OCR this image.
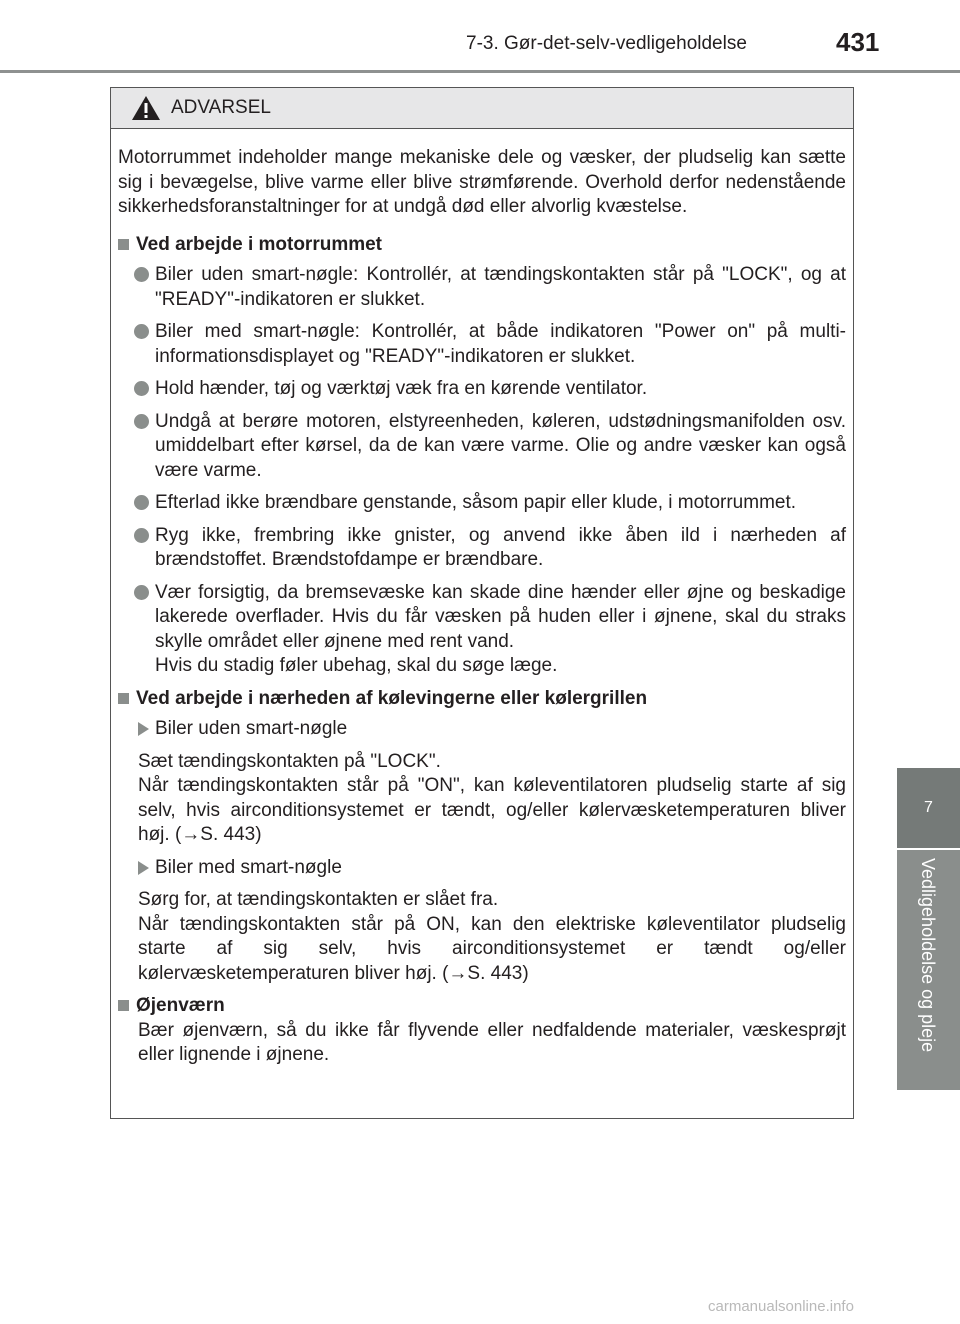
7-3. Gør-det-selv-vedligeholdelse	431
7
Vedligeholdelse og pleje
ADVARSEL

Motorrummet indeholder mange mekaniske dele og væsker, der pludselig kan sætte sig i bevægelse, blive varme eller blive strømførende. Overhold derfor nedenstående sikkerhedsforanstaltninger for at undgå død eller alvorlig kvæstelse.

Ved arbejde i motorrummet

Biler uden smart-nøgle: Kontrollér, at tændingskontakten står på "LOCK", og at "READY"-indikatoren er slukket.

Biler med smart-nøgle: Kontrollér, at både indikatoren "Power on" på multi-informationsdisplayet og "READY"-indikatoren er slukket.

Hold hænder, tøj og værktøj væk fra en kørende ventilator.

Undgå at berøre motoren, elstyreenheden, køleren, udstødningsmanifolden osv. umiddelbart efter kørsel, da de kan være varme. Olie og andre væsker kan også være varme.

Efterlad ikke brændbare genstande, såsom papir eller klude, i motorrummet.

Ryg ikke, frembring ikke gnister, og anvend ikke åben ild i nærheden af brændstoffet. Brændstofdampe er brændbare.

Vær forsigtig, da bremsevæske kan skade dine hænder eller øjne og beskadige lakerede overflader. Hvis du får væsken på huden eller i øjnene, skal du straks skylle området eller øjnene med rent vand.

Hvis du stadig føler ubehag, skal du søge læge.

Ved arbejde i nærheden af kølevingerne eller kølergrillen

Biler uden smart-nøgle

Sæt tændingskontakten på "LOCK".

Når tændingskontakten står på "ON", kan køleventilatoren pludselig starte af sig selv, hvis airconditionsystemet er tændt, og/eller kølervæsketemperaturen bliver høj. (→S. 443)

Biler med smart-nøgle

Sørg for, at tændingskontakten er slået fra.

Når tændingskontakten står på ON, kan den elektriske køleventilator pludselig starte af sig selv, hvis airconditionsystemet er tændt og/eller kølervæsketemperaturen bliver høj. (→S. 443)

Øjenværn

Bær øjenværn, så du ikke får flyvende eller nedfaldende materialer, væskesprøjt eller lignende i øjnene.

carmanualsonline.info
